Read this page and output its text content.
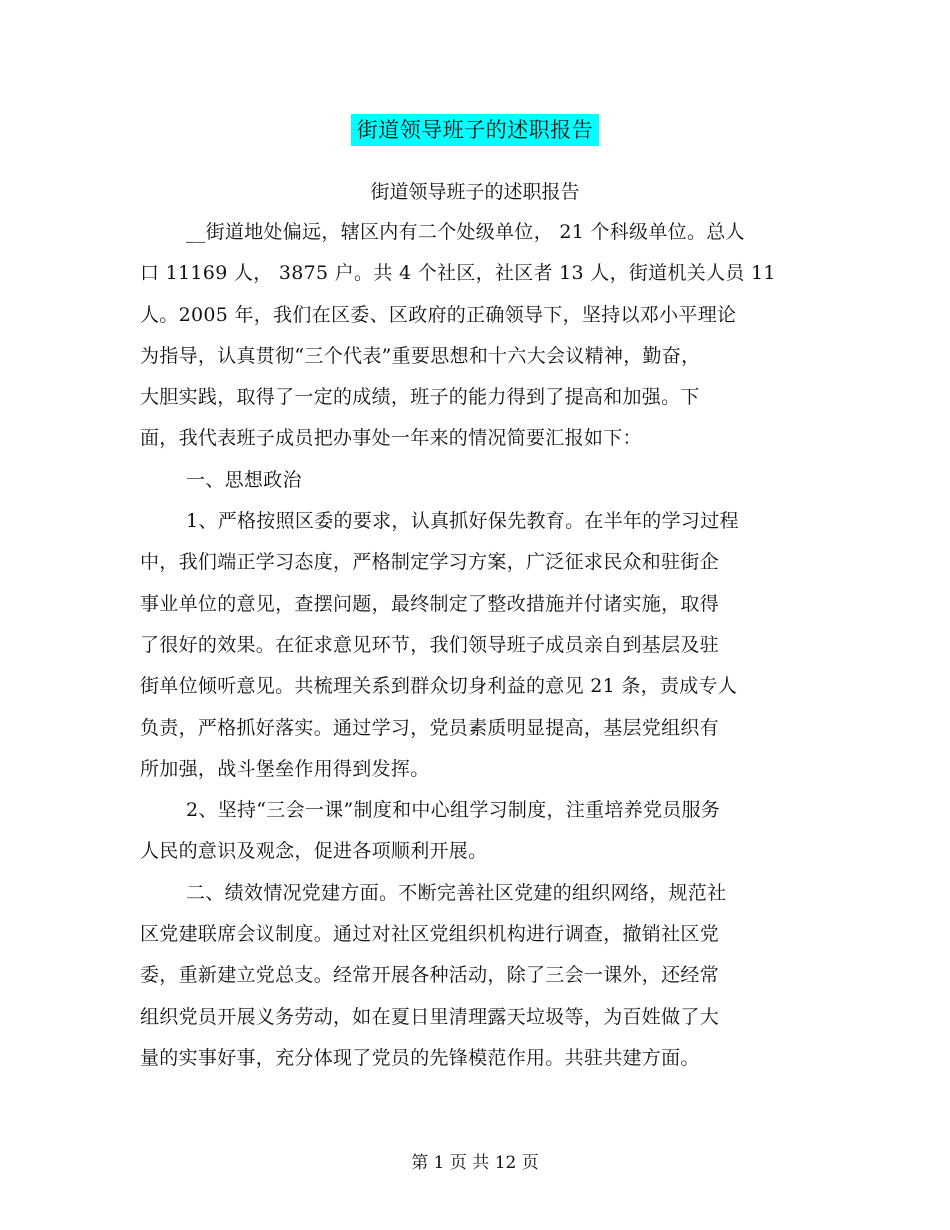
街道领导班子的述职报告
街道领导班子的述职报告
__街道地处偏远，辖区内有二个处级单位， 21 个科级单位。总人
口 11169 人， 3875 户。共 4 个社区，社区者 13 人，街道机关人员 11
人。2005 年，我们在区委、区政府的正确领导下，坚持以邓小平理论
为指导，认真贯彻“三个代表”重要思想和十六大会议精神，勤奋，
大胆实践，取得了一定的成绩，班子的能力得到了提高和加强。下
面，我代表班子成员把办事处一年来的情况简要汇报如下：
一、思想政治
1、严格按照区委的要求，认真抓好保先教育。在半年的学习过程
中，我们端正学习态度，严格制定学习方案，广泛征求民众和驻街企
事业单位的意见，查摆问题，最终制定了整改措施并付诸实施，取得
了很好的效果。在征求意见环节，我们领导班子成员亲自到基层及驻
街单位倾听意见。共梳理关系到群众切身利益的意见 21 条，责成专人
负责，严格抓好落实。通过学习，党员素质明显提高，基层党组织有
所加强，战斗堡垒作用得到发挥。
2、坚持“三会一课”制度和中心组学习制度，注重培养党员服务
人民的意识及观念，促进各项顺利开展。
二、绩效情况党建方面。不断完善社区党建的组织网络，规范社
区党建联席会议制度。通过对社区党组织机构进行调查，撤销社区党
委，重新建立党总支。经常开展各种活动，除了三会一课外，还经常
组织党员开展义务劳动，如在夏日里清理露天垃圾等，为百姓做了大
量的实事好事，充分体现了党员的先锋模范作用。共驻共建方面。
第 1 页 共 12 页
